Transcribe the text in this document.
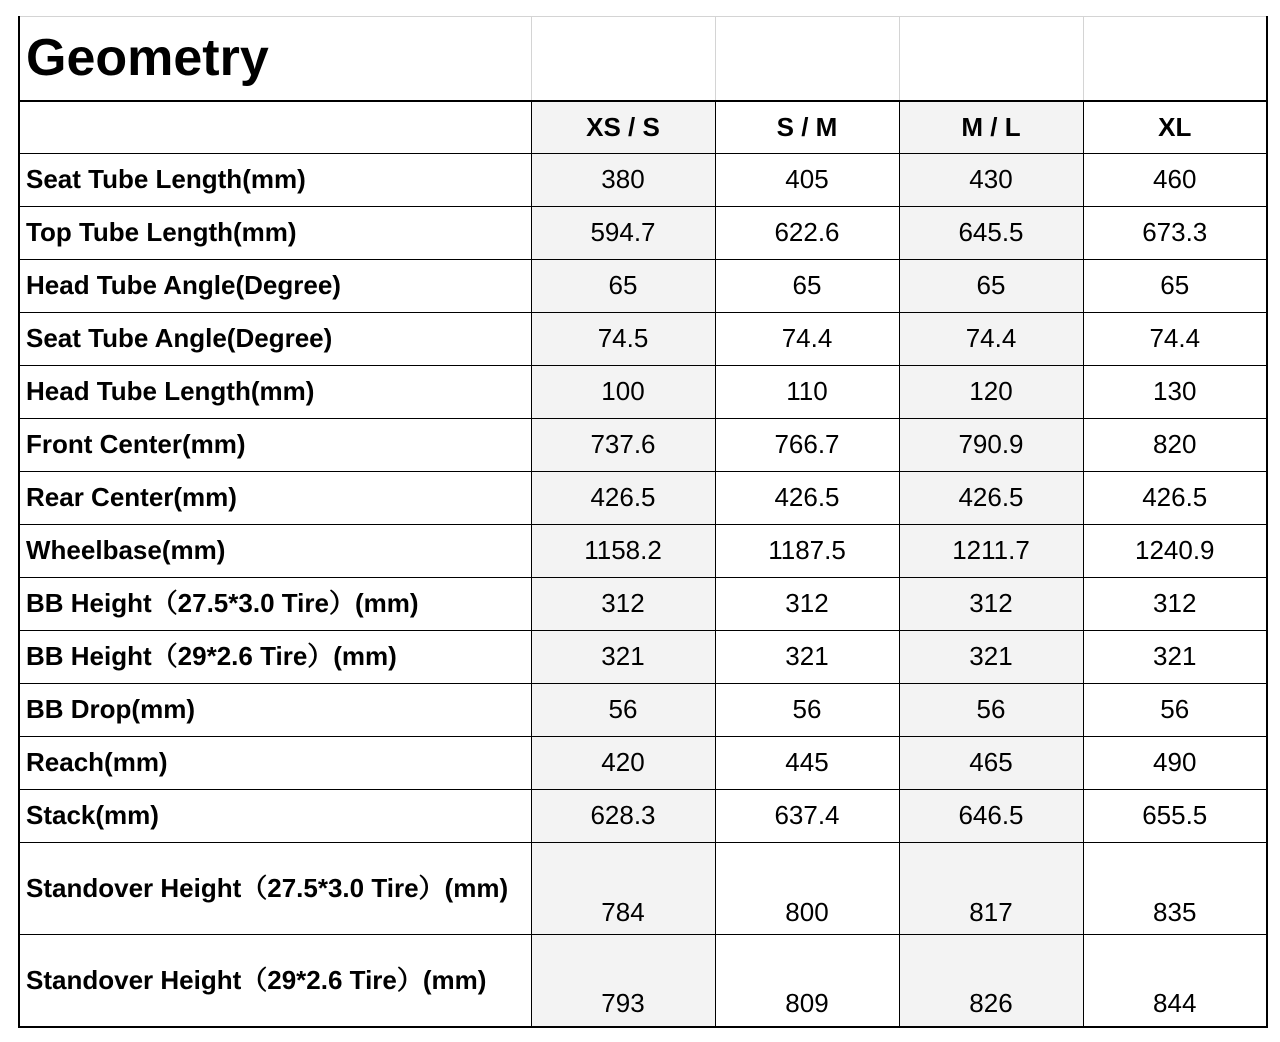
Geometry				
	XS / S	S / M	M / L	XL
Seat Tube Length(mm)	380	405	430	460
Top Tube Length(mm)	594.7	622.6	645.5	673.3
Head Tube Angle(Degree)	65	65	65	65
Seat Tube Angle(Degree)	74.5	74.4	74.4	74.4
Head Tube Length(mm)	100	110	120	130
Front Center(mm)	737.6	766.7	790.9	820
Rear Center(mm)	426.5	426.5	426.5	426.5
Wheelbase(mm)	1158.2	1187.5	1211.7	1240.9
BB Height（27.5*3.0 Tire）(mm)	312	312	312	312
BB Height（29*2.6 Tire）(mm)	321	321	321	321
BB Drop(mm)	56	56	56	56
Reach(mm)	420	445	465	490
Stack(mm)	628.3	637.4	646.5	655.5
Standover Height（27.5*3.0 Tire）(mm)	784	800	817	835
Standover Height（29*2.6 Tire）(mm)	793	809	826	844
